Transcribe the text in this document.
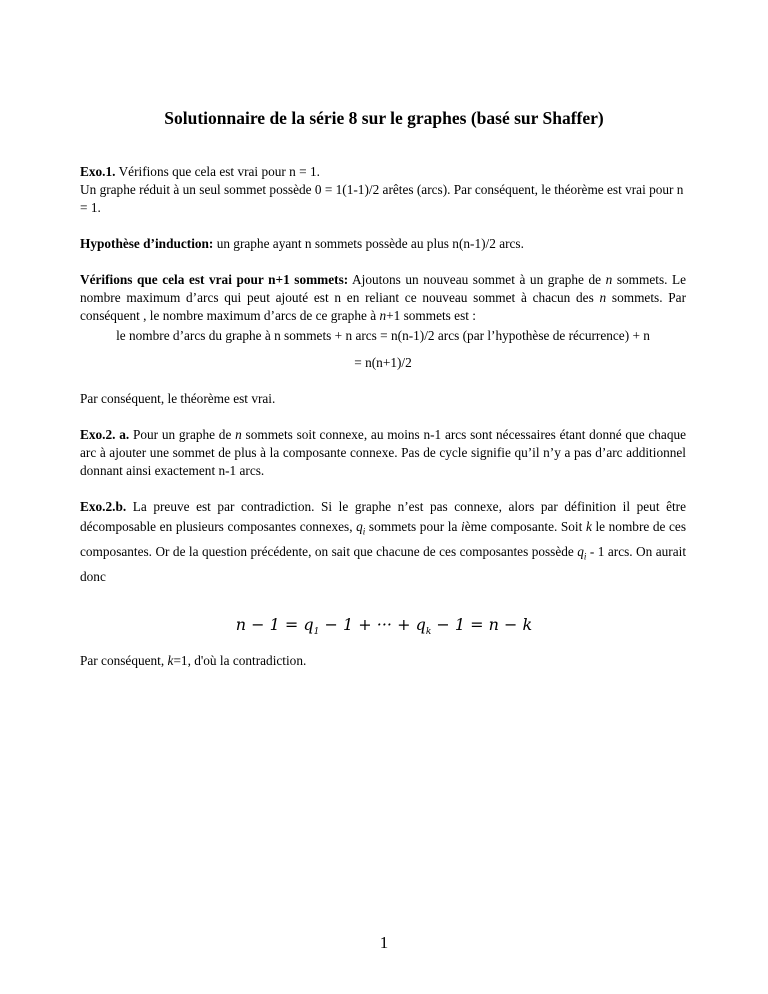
Solutionnaire de la série 8 sur le graphes (basé sur Shaffer)
Exo.1. Vérifions que cela est vrai pour n = 1.
Un graphe réduit à un seul sommet possède 0 = 1(1-1)/2 arêtes (arcs). Par conséquent, le théorème est vrai pour n = 1.
Hypothèse d’induction: un graphe ayant n sommets possède au plus n(n-1)/2 arcs.
Vérifions que cela est vrai pour n+1 sommets: Ajoutons un nouveau sommet à un graphe de n sommets. Le nombre maximum d’arcs qui peut ajouté est n en reliant ce nouveau sommet à chacun des n sommets. Par conséquent , le nombre maximum d’arcs de ce graphe à n+1 sommets est :
le nombre d’arcs du graphe à n sommets + n arcs = n(n-1)/2 arcs (par l’hypothèse de récurrence) + n
= n(n+1)/2
Par conséquent, le théorème est vrai.
Exo.2. a. Pour un graphe de n sommets soit connexe, au moins n-1 arcs sont nécessaires étant donné que chaque arc à ajouter une sommet de plus à la composante connexe. Pas de cycle signifie qu’il n’y a pas d’arc additionnel donnant ainsi exactement n-1 arcs.
Exo.2.b. La preuve est par contradiction. Si le graphe n’est pas connexe, alors par définition il peut être décomposable en plusieurs composantes connexes, $q_i$ sommets pour la ième composante. Soit k le nombre de ces composantes. Or de la question précédente, on sait que chacune de ces composantes possède $q_i - 1$ arcs. On aurait donc
$n - 1 = q_1 - 1$ + ··· + $q_k - 1 = n - k$
Par conséquent, k=1, d'où la contradiction.
1
